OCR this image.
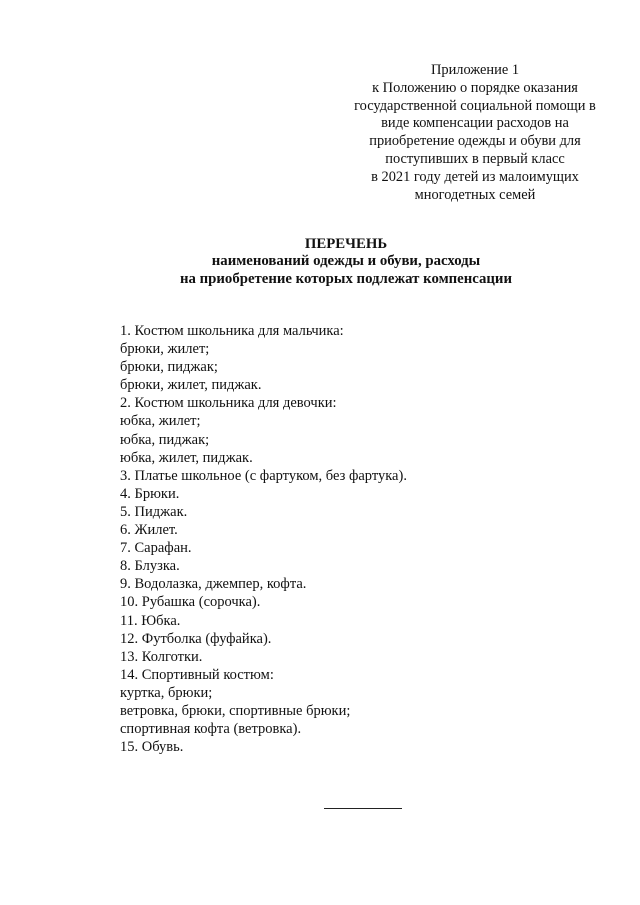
Приложение 1
к Положению о порядке оказания
государственной социальной помощи в
виде компенсации расходов на
приобретение одежды и обуви для
поступивших в первый класс
в 2021 году детей из малоимущих
многодетных семей
ПЕРЕЧЕНЬ
наименований одежды и обуви, расходы
на приобретение которых подлежат компенсации
1. Костюм школьника для мальчика:
брюки, жилет;
брюки, пиджак;
брюки, жилет, пиджак.
2. Костюм школьника для девочки:
юбка, жилет;
юбка, пиджак;
юбка, жилет, пиджак.
3. Платье школьное (с фартуком, без фартука).
4. Брюки.
5. Пиджак.
6. Жилет.
7. Сарафан.
8. Блузка.
9. Водолазка, джемпер, кофта.
10. Рубашка (сорочка).
11. Юбка.
12. Футболка (фуфайка).
13. Колготки.
14. Спортивный костюм:
куртка, брюки;
ветровка, брюки, спортивные брюки;
спортивная кофта (ветровка).
15. Обувь.
